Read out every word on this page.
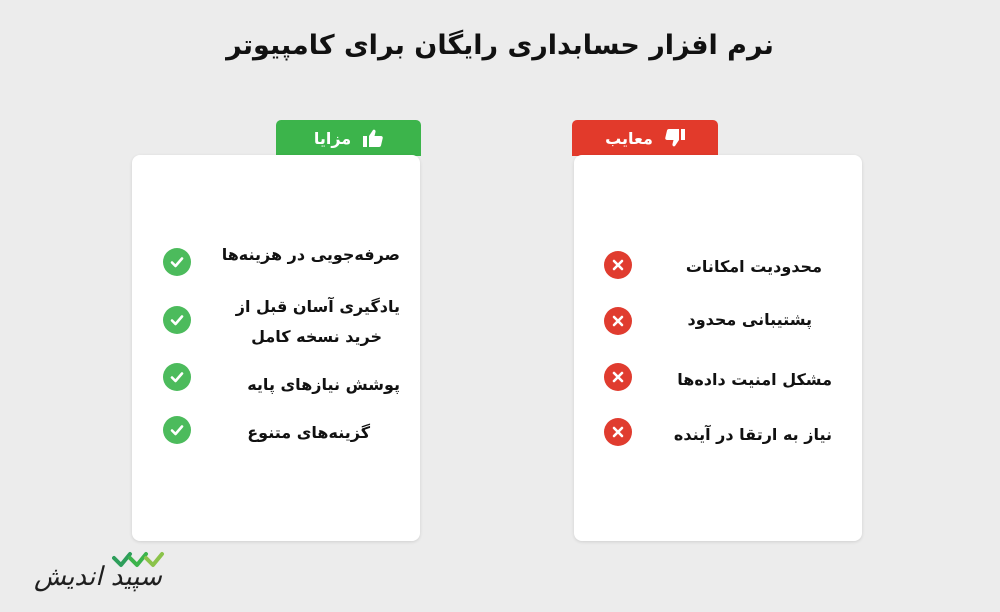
نرم افزار حسابداری رایگان برای کامپیوتر
مزایا	معایب
صرفه‌جویی در هزینه‌ها
یادگیری آسان قبل از
خرید نسخه کامل
پوشش نیازهای پایه
گزینه‌های متنوع
محدودیت امکانات
پشتیبانی محدود
مشکل امنیت داده‌ها
نیاز به ارتقا در آینده
سپید اندیش
